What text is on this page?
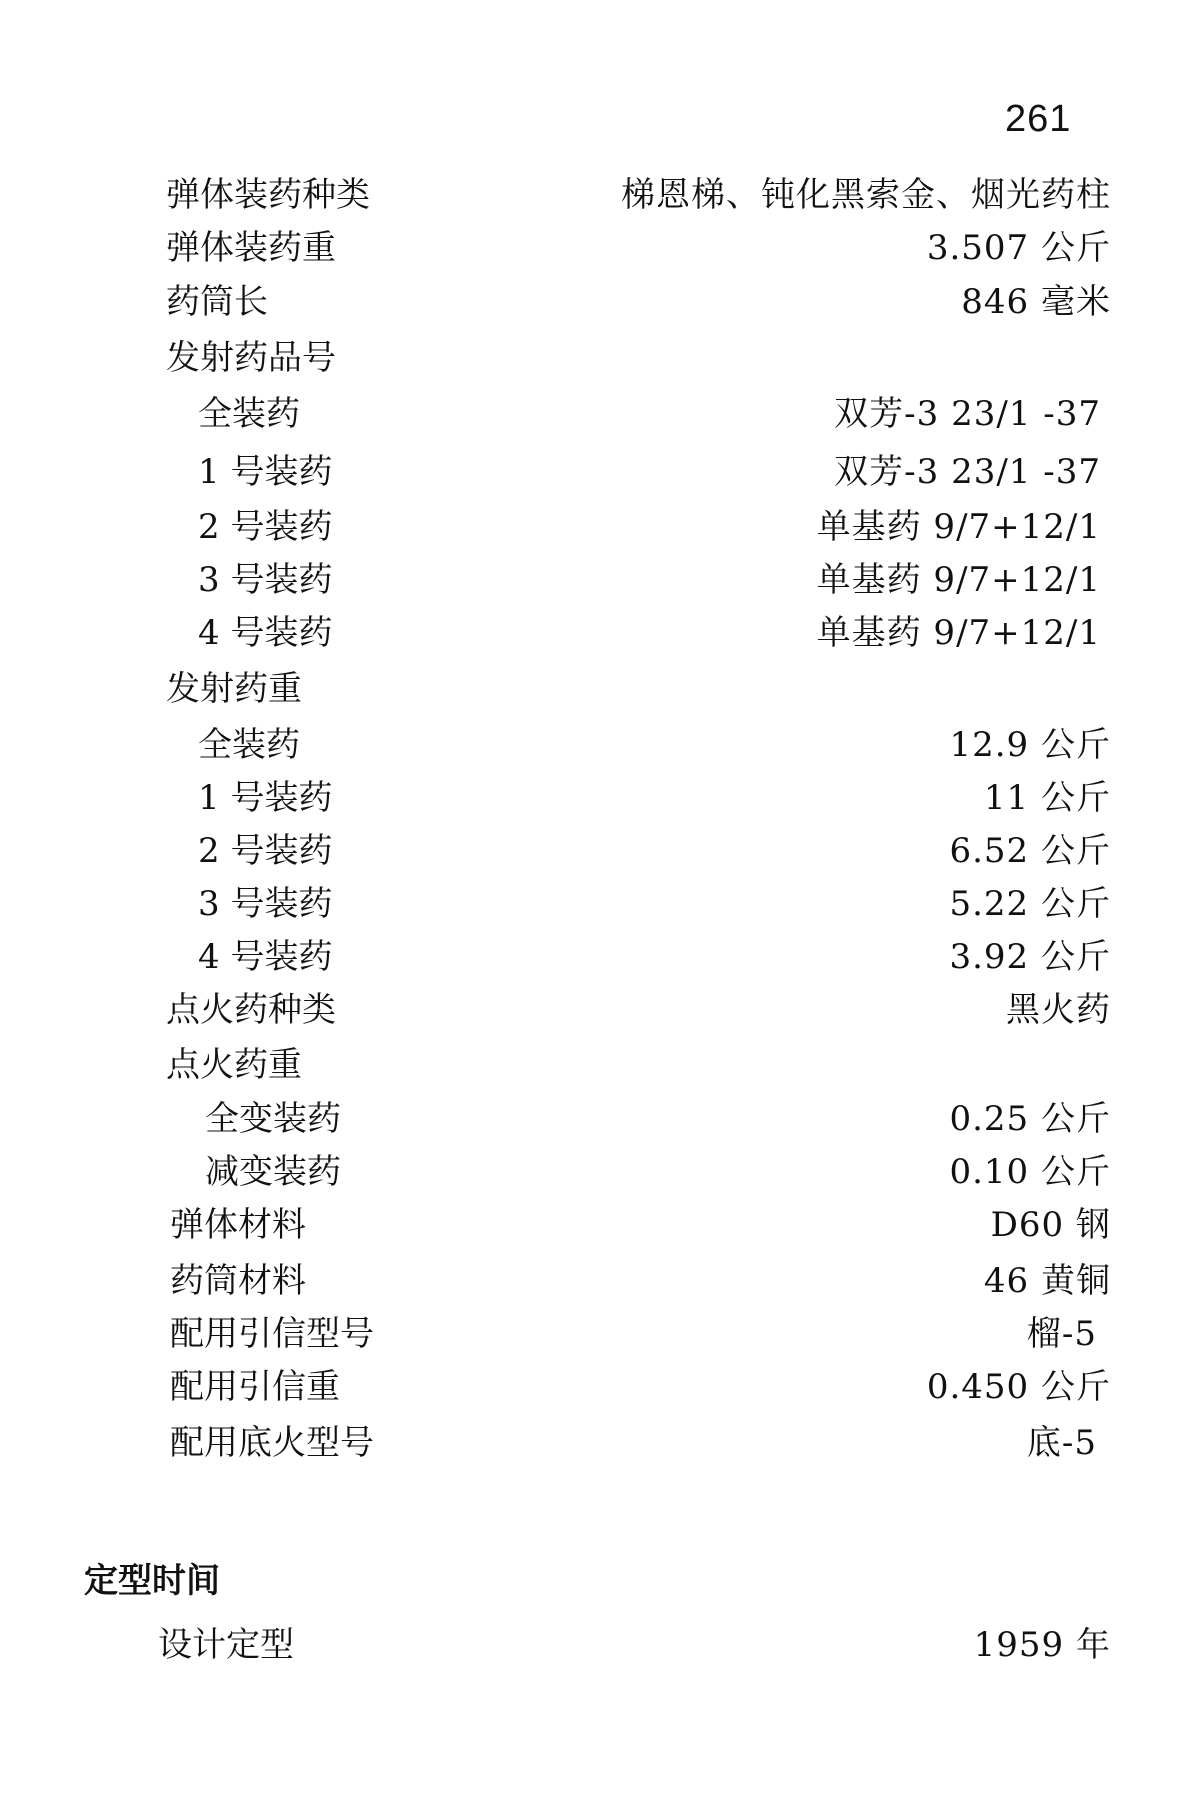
261
弹体装药种类	梯恩梯、钝化黑索金、烟光药柱
弹体装药重	3.507 公斤
药筒长	846 毫米
发射药品号
全装药	双芳-3 23/1 -37
1 号装药	双芳-3 23/1 -37
2 号装药	单基药 9/7+12/1
3 号装药	单基药 9/7+12/1
4 号装药	单基药 9/7+12/1
发射药重
全装药	12.9 公斤
1 号装药	11 公斤
2 号装药	6.52 公斤
3 号装药	5.22 公斤
4 号装药	3.92 公斤
点火药种类	黑火药
点火药重
全变装药	0.25 公斤
减变装药	0.10 公斤
弹体材料	D60 钢
药筒材料	46 黄铜
配用引信型号	榴-5
配用引信重	0.450 公斤
配用底火型号	底-5
定型时间
设计定型	1959 年
